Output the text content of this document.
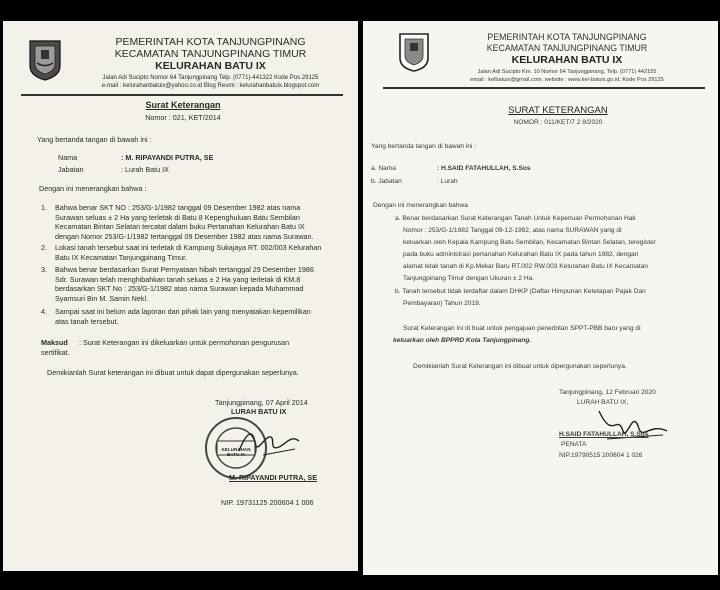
PEMERINTAH KOTA TANJUNGPINANG
KECAMATAN TANJUNGPINANG TIMUR
KELURAHAN BATU IX
Jalan Adi Sucipto Nomor 64 Tanjungpinang Telp. (0771)-441322 Kode Pos 29125
e-mail : kelurahanbatuix@yahoo.co.id Blog Resmi : kelurahanbatuix.blogspot.com
Surat Keterangan
Nomor : 021, KET/2014
Yang bertanda tangan di bawah ini :
Nama	: M. RIPAYANDI PUTRA, SE
Jabatan	: Lurah Batu IX
Dengan ini menerangkan bahwa :
1. Bahwa benar SKT NO : 253/G-1/1982 tanggal 09 Desember 1982 atas nama
Surawan seluas ± 2 Ha yang terletak di Batu 8 Kepenghuluan Batu Sembilan
Kecamatan Bintan Selatan tercatat dalam buku Pertanahan Kelurahan Batu IX
dengan Nomor 253/G-1/1982 tertanggal 09 Desember 1982 atas nama Surawan.
2. Lokasi tanah tersebut saat ini terletak di Kampung Sukajaya RT. 002/003 Kelurahan
Batu IX Kecamatan Tanjungpinang Timur.
3. Bahwa benar berdasarkan Surat Pernyataan hibah tertanggal 29 Desember 1986
Sdr. Surawan telah menghibahkan tanah seluas ± 2 Ha yang terletak di KM.8
berdasarkan SKT No : 253/G-1/1982 atas nama Surawan kepada Muhammad
Syamsuri Bin M. Samin Nekl.
4. Sampai saat ini belum ada laporan dari pihak lain yang menyatakan kepemilikan
atas tanah tersebut.
Maksud : Surat Keterangan ini dikeluarkan untuk permohonan pengurusan
sertifikat.
Demikianlah Surat keterangan ini dibuat untuk dapat dipergunakan seperlunya.
Tanjungpinang, 07 April 2014
LURAH BATU IX
KELURAHAN BATU IX
M. RIPAYANDI PUTRA, SE
NIP. 19731125 200604 1 006
PEMERINTAH KOTA TANJUNGPINANG
KECAMATAN TANJUNGPINANG TIMUR
KELURAHAN BATU IX
Jalan Adi Sucipto Km. 10 Nomor 64 Tanjungpinang, Telp. (0771) 442155
email : kelbatuix@gmail.com, website : www.kel-batuix.go.id, Kode Pos 29125
SURAT KETERANGAN
NOMOR : 011/KET/7 2 8/2020
Yang bertanda tangan di bawah ini :
a. Nama	: H.SAID FATAHULLAH, S.Sos
b. Jabatan	: Lurah
Dengan ini menerangkan bahwa
a. Benar berdasarkan Surat Keterangan Tanah Untuk Keperluan Permohonan Hak
Nomor : 253/G-1/1982 Tanggal 09-12-1982, atas nama SURAWAN yang di
keluarkan oleh Kepala Kampung Batu Sembilan, Kecamatan Bintan Selatan, teregister
pada buku administrasi pertanahan Kelurahan Batu IX pada tahun 1982, dengan
alamat letak tanah di Kp.Mekar Baru RT.002 RW.003 Kelurahan Batu IX Kecamatan
Tanjungpinang Timur dengan Ukuran ± 2 Ha.
b. Tanah tersebut tidak terdaftar dalam DHKP (Daftar Himpunan Ketetapan Pajak Dan
Pembayaran) Tahun 2019.
Surat Keterangan ini di buat untuk pengajuan penerbitan SPPT-PBB baru yang di
keluarkan oleh BPPRD Kota Tanjungpinang.
Demikianlah Surat Keterangan ini dibuat untuk dipergunakan seperlunya.
Tanjungpinang, 12 Februari 2020
LURAH BATU IX,
H.SAID FATAHULLAH, S.Sos
PENATA
NIP.19790515 200604 1 026
